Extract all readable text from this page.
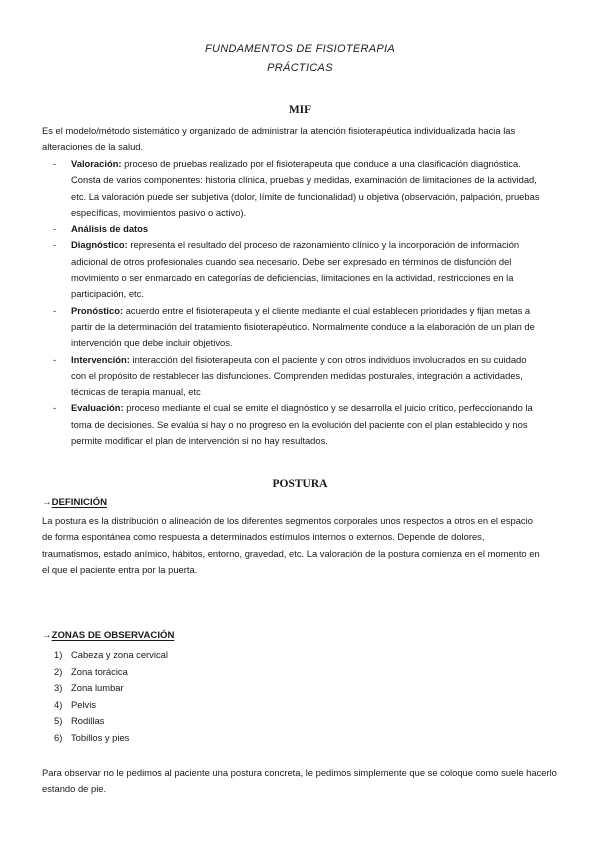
FUNDAMENTOS DE FISIOTERAPIA
PRÁCTICAS
MIF
Es el modelo/método sistemático y organizado de administrar la atención fisioterapéutica individualizada hacia las alteraciones de la salud.
- Valoración: proceso de pruebas realizado por el fisioterapeuta que conduce a una clasificación diagnóstica. Consta de varios componentes: historia clínica, pruebas y medidas, examinación de limitaciones de la actividad, etc. La valoración puede ser subjetiva (dolor, límite de funcionalidad) u objetiva (observación, palpación, pruebas específicas, movimientos pasivo o activo).
- Análisis de datos
- Diagnóstico: representa el resultado del proceso de razonamiento clínico y la incorporación de información adicional de otros profesionales cuando sea necesario. Debe ser expresado en términos de disfunción del movimiento o ser enmarcado en categorías de deficiencias, limitaciones en la actividad, restricciones en la participación, etc.
- Pronóstico: acuerdo entre el fisioterapeuta y el cliente mediante el cual establecen prioridades y fijan metas a partir de la determinación del tratamiento fisioterapéutico. Normalmente conduce a la elaboración de un plan de intervención que debe incluir objetivos.
- Intervención: interacción del fisioterapeuta con el paciente y con otros individuos involucrados en su cuidado con el propósito de restablecer las disfunciones. Comprenden medidas posturales, integración a actividades, técnicas de terapia manual, etc
- Evaluación: proceso mediante el cual se emite el diagnóstico y se desarrolla el juicio crítico, perfeccionando la toma de decisiones. Se evalúa si hay o no progreso en la evolución del paciente con el plan establecido y nos permite modificar el plan de intervención si no hay resultados.
POSTURA
→DEFINICIÓN
La postura es la distribución o alineación de los diferentes segmentos corporales unos respectos a otros en el espacio de forma espontánea como respuesta a determinados estímulos internos o externos. Depende de dolores, traumatismos, estado anímico, hábitos, entorno, gravedad, etc. La valoración de la postura comienza en el momento en el que el paciente entra por la puerta.
→ZONAS DE OBSERVACIÓN
1) Cabeza y zona cervical
2) Zona torácica
3) Zona lumbar
4) Pelvis
5) Rodillas
6) Tobillos y pies
Para observar no le pedimos al paciente una postura concreta, le pedimos simplemente que se coloque como suele hacerlo estando de pie.
